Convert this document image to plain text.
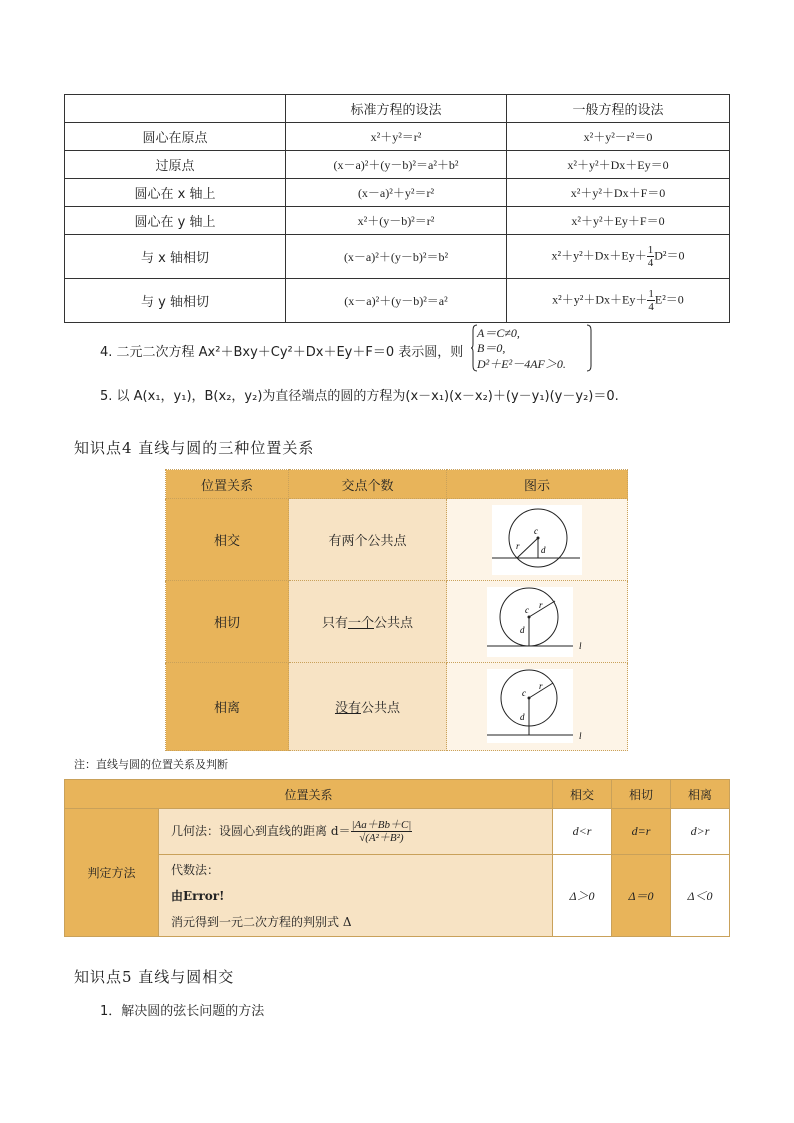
	标准方程的设法	一般方程的设法
圆心在原点	x²＋y²＝r²	x²＋y²－r²＝0
过原点	(x－a)²＋(y－b)²＝a²＋b²	x²＋y²＋Dx＋Ey＝0
圆心在 x 轴上	(x－a)²＋y²＝r²	x²＋y²＋Dx＋F＝0
圆心在 y 轴上	x²＋(y－b)²＝r²	x²＋y²＋Ey＋F＝0
与 x 轴相切	(x－a)²＋(y－b)²＝b²	$x^2+y^2+Dx+Ey+ \frac{1}{4} D^2=0$
与 y 轴相切	(x－a)²＋(y－b)²＝a²	$x^2+y^2+Dx+Ey+ \frac{1}{4} E^2=0$
4. 二元二次方程 Ax²＋Bxy＋Cy²＋Dx＋Ey＋F＝0 表示圆，则
A＝C≠0,
B＝0,
D²＋E²－4AF＞0.
5. 以 A(x₁，y₁)，B(x₂，y₂)为直径端点的圆的方程为(x－x₁)(x－x₂)＋(y－y₁)(y－y₂)＝0.
知识点4 直线与圆的三种位置关系
位置关系	交点个数	图示
相交	有两个公共点	c
r d

相切	只有一个公共点	c r
d
l

相离	没有公共点	c
r
d
l
注：直线与圆的位置关系及判断
位置关系		相交	相切	相离
判定方法	几何法：设圆心到直线的距离 $d= \frac{|Aa+Bb+C|}{\text{√(A²＋B²)}}$	d<r	d=r	d>r

	代数法：
由Error!
消元得到一元二次方程的判别式 Δ	Δ＞0	Δ＝0	Δ＜0
知识点5 直线与圆相交
1．解决圆的弦长问题的方法
